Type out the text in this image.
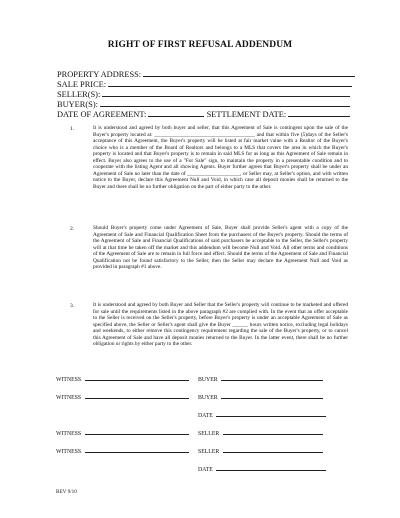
RIGHT OF FIRST REFUSAL ADDENDUM
PROPERTY ADDRESS:
SALE PRICE:
SELLER(S):
BUYER(S):
DATE OF AGREEMENT:	SETTLEMENT DATE:
1.	It is understood and agreed by both buyer and seller, that this Agreement of Sale is contingent upon the sale of the Buyer's property located at: ______________________________________ and that within five (5)days of the Seller's acceptance of this Agreement, the Buyer's property will be listed at fair market value with a Realtor of the Buyer's choice who is a member of the Board of Realtors and belongs to a MLS that covers the area in which the Buyer's property is located and that Buyer's property is to remain in said MLS for as long as this Agreement of Sale remain in effect. Buyer also agrees to the use of a "For Sale" sign, to maintain the property in a presentable condition and to cooperate with the listing Agent and all showing Agents. Buyer further agrees that Buyer's property shall be under an Agreement of Sale no later than the date of ____________________, or Seller may, at Seller's option, and with written notice to the Buyer, declare this Agreement Null and Void, in which case all deposit monies shall be returned to the Buyer and there shall be no further obligation on the part of either party to the other.
2.	Should Buyer's property come under Agreement of Sale, Buyer shall provide Seller's agent with a copy of the Agreement of Sale and Financial Qualification Sheet from the purchasers of the Buyer's property. Should the terms of the Agreement of Sale and Financial Qualifications of said purchasers be acceptable to the Seller, the Seller's property will at that time be taken off the market and this addendum will become Null and Void. All other terms and conditions of the Agreement of Sale are to remain in full force and effect. Should the terms of the Agreement of Sale and Financial Qualification not be found satisfactory to the Seller, then the Seller may declare the Agreement Null and Void as provided in paragraph #1 above.
3.	It is understood and agreed by both Buyer and Seller that the Seller's property will continue to be marketed and offered for sale until the requirements listed in the above paragraph #2 are complied with. In the event that an offer acceptable to the Seller is received on the Seller's property, before Buyer's property is under an acceptable Agreement of Sale as specified above, the Seller or Seller's agent shall give the Buyer ______ hours written notice, excluding legal holidays and weekends, to either remove this contingency requirement regarding the sale of the Buyer's property, or to cancel this Agreement of Sale and have all deposit monies returned to the Buyer. In the latter event, there shall be no further obligation or rights by either party to the other.
WITNESS	BUYER
WITNESS	BUYER
DATE
WITNESS	SELLER
WITNESS	SELLER
DATE
REV 9/10
